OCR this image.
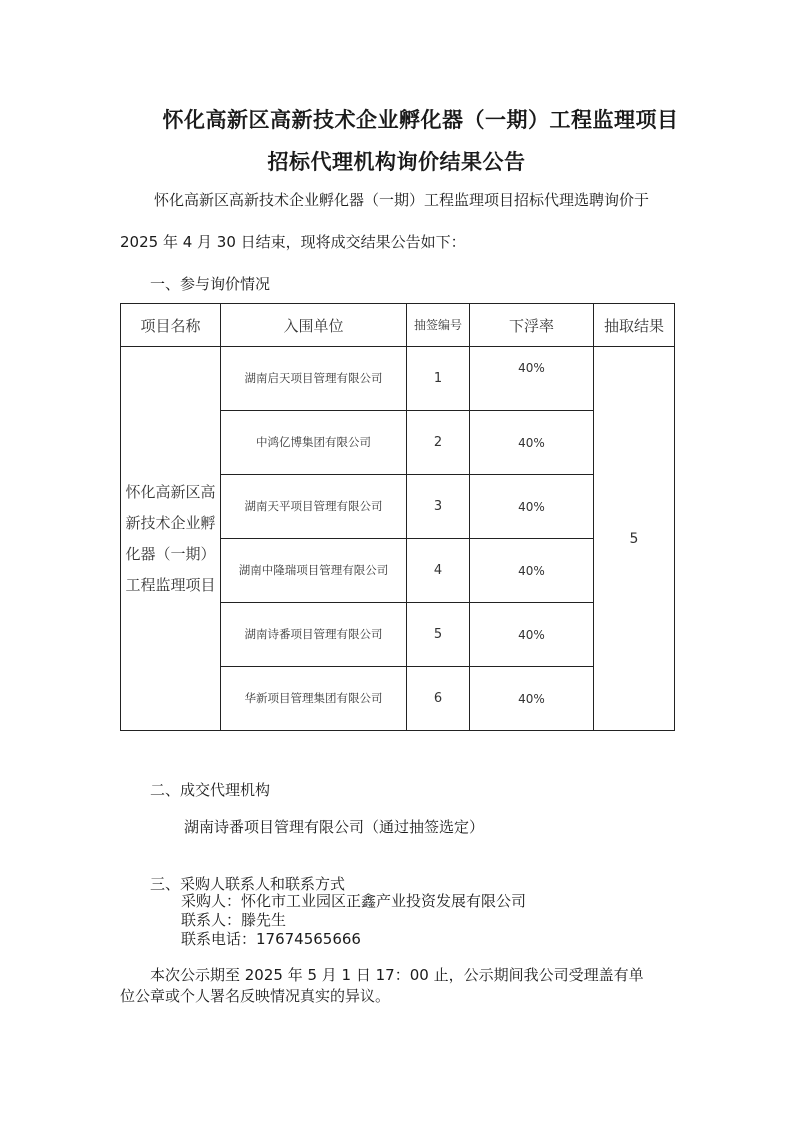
怀化高新区高新技术企业孵化器（一期）工程监理项目
招标代理机构询价结果公告
怀化高新区高新技术企业孵化器（一期）工程监理项目招标代理选聘询价于
2025 年 4 月 30 日结束，现将成交结果公告如下：
一、参与询价情况
项目名称	入围单位	抽签编号	下浮率	抽取结果
怀化高新区高新技术企业孵化器（一期）工程监理项目	湖南启天项目管理有限公司	1	40%	5
	中鸿亿博集团有限公司	2	40%	
	湖南天平项目管理有限公司	3	40%	
	湖南中隆瑞项目管理有限公司	4	40%	
	湖南诗番项目管理有限公司	5	40%	
	华新项目管理集团有限公司	6	40%	
二、成交代理机构
湖南诗番项目管理有限公司（通过抽签选定）
三、采购人联系人和联系方式
采购人：怀化市工业园区正鑫产业投资发展有限公司
联系人：滕先生
联系电话：17674565666
本次公示期至 2025 年 5 月 1 日 17：00 止，公示期间我公司受理盖有单
位公章或个人署名反映情况真实的异议。
